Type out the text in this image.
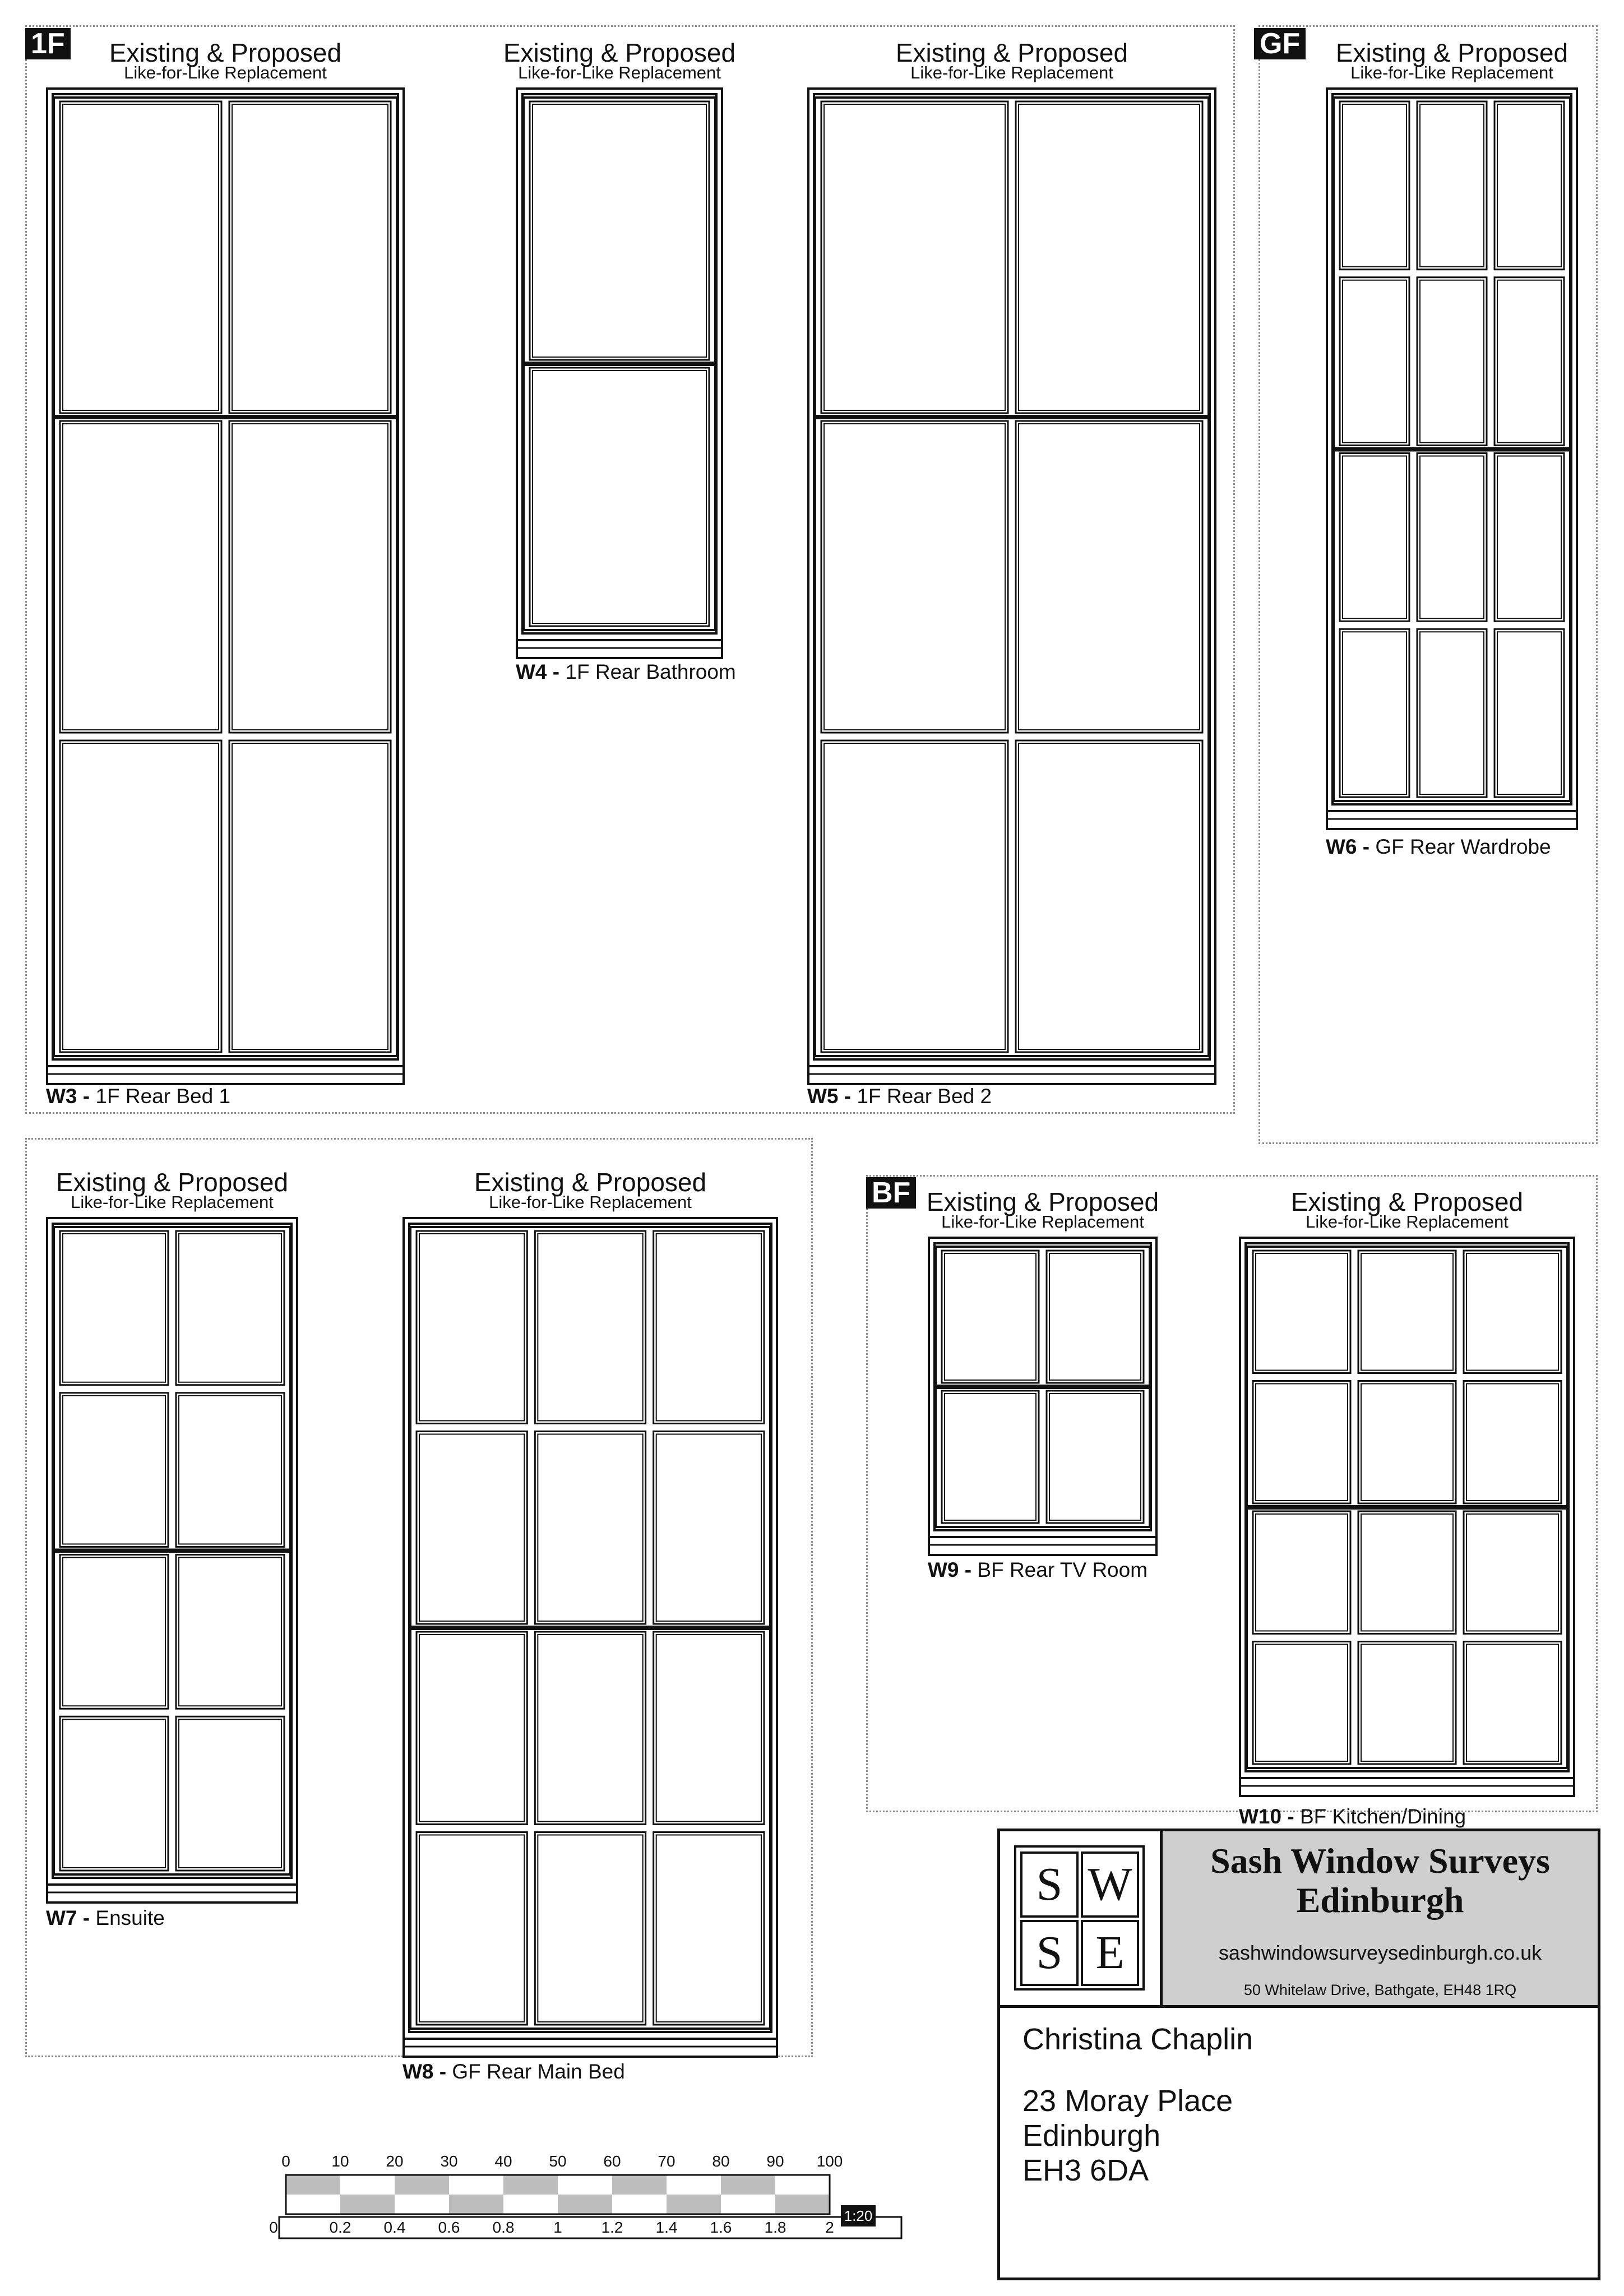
1F	GF
BF
Existing & Proposed
Like-for-Like Replacement
W3 - 1F Rear Bed 1
Existing & Proposed
Like-for-Like Replacement
W4 - 1F Rear Bathroom
Existing & Proposed
Like-for-Like Replacement
W5 - 1F Rear Bed 2
Existing & Proposed
Like-for-Like Replacement
W6 - GF Rear Wardrobe
Existing & Proposed
Like-for-Like Replacement
W7 - Ensuite
Existing & Proposed
Like-for-Like Replacement
W8 - GF Rear Main Bed
Existing & Proposed
Like-for-Like Replacement
W9 - BF Rear TV Room
Existing & Proposed
Like-for-Like Replacement
W10 - BF Kitchen/Dining
S W
S E
Sash Window Surveys Edinburgh
sashwindowsurveysedinburgh.co.uk
50 Whitelaw Drive, Bathgate, EH48 1RQ
Christina Chaplin
23 Moray Place
Edinburgh
EH3 6DA
0	10 20 30 40 50 60 70 80 90 100
0	0.2 0.4 0.6 0.8 1 1.2 1.4 1.6 1.8 2
1:20
